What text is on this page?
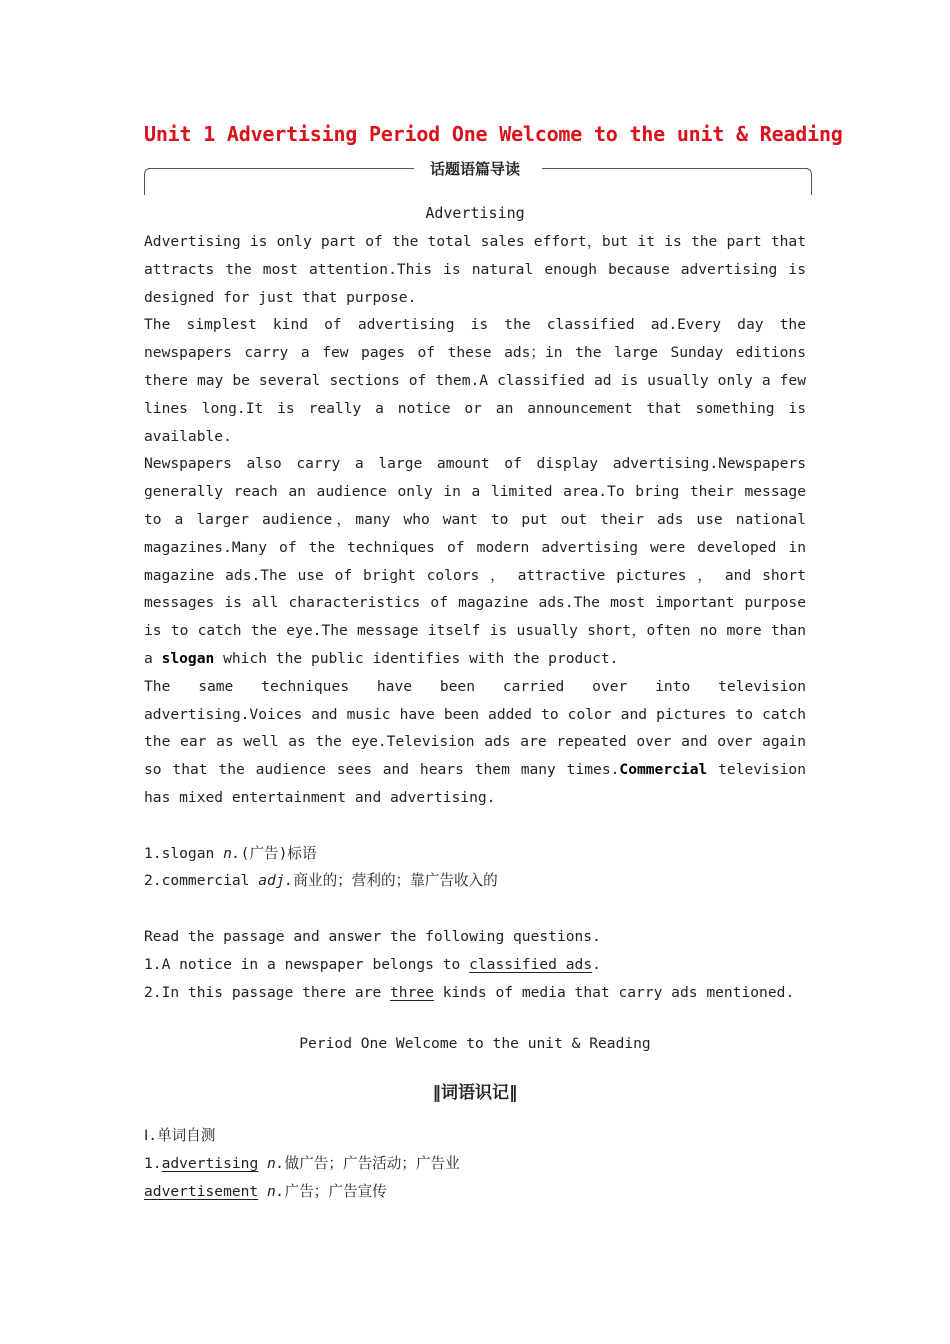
Unit 1 Advertising Period One Welcome to the unit & Reading
话题语篇导读
Advertising

Advertising is only part of the total sales effort，but it is the part that attracts the most attention.This is natural enough because advertising is designed for just that purpose.

The simplest kind of advertising is the classified ad.Every day the newspapers carry a few pages of these ads；in the large Sunday editions there may be several sections of them.A classified ad is usually only a few lines long.It is really a notice or an announcement that something is available.

Newspapers also carry a large amount of display advertising.Newspapers generally reach an audience only in a limited area.To bring their message to a larger audience，many who want to put out their ads use national magazines.Many of the techniques of modern advertising were developed in magazine ads.The use of bright colors ， attractive pictures ， and short messages is all characteristics of magazine ads.The most important purpose is to catch the eye.The message itself is usually short，often no more than a slogan which the public identifies with the product.

The same techniques have been carried over into television advertising.Voices and music have been added to color and pictures to catch the ear as well as the eye.Television ads are repeated over and over again so that the audience sees and hears them many times.Commercial television has mixed entertainment and advertising.

1.slogan n.(广告)标语

2.commercial adj.商业的；营利的；靠广告收入的

Read the passage and answer the following questions.

1.A notice in a newspaper belongs to classified ads.

2.In this passage there are three kinds of media that carry ads mentioned.

Period One Welcome to the unit & Reading

‖词语识记‖

Ⅰ.单词自测

1.advertising n.做广告；广告活动；广告业

advertisement n.广告；广告宣传
